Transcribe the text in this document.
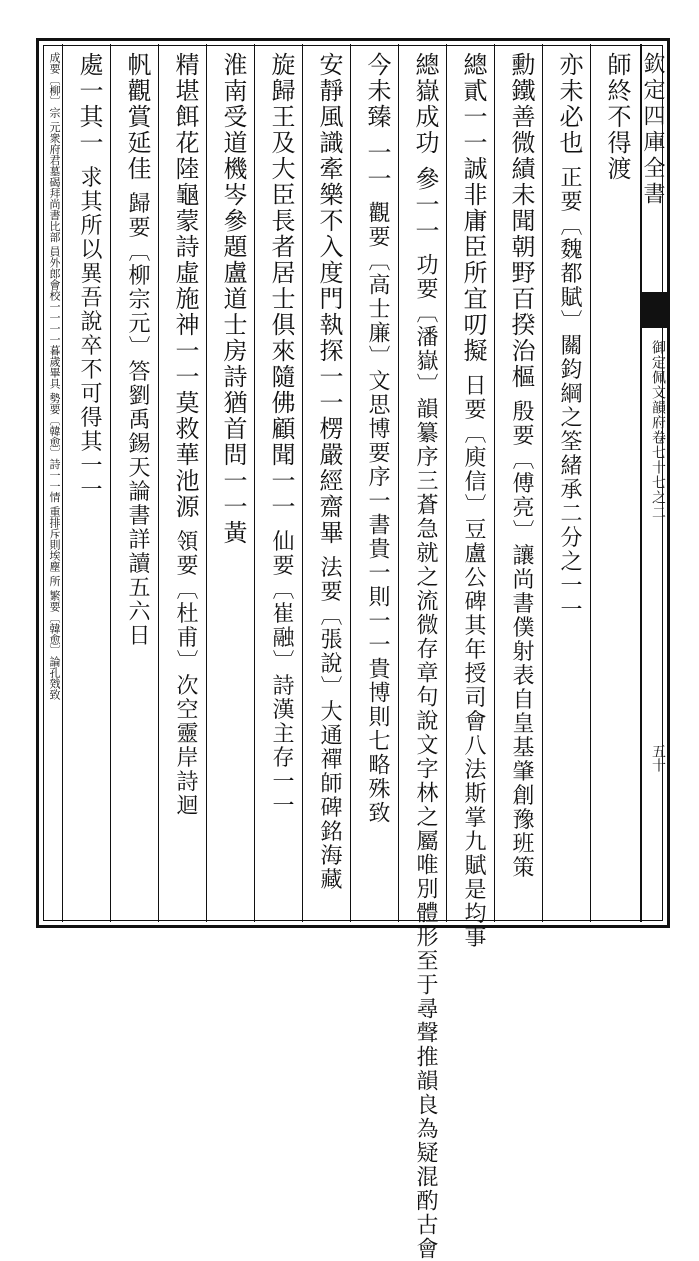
欽定四庫全書
御定佩文韻府卷七十七之二
五十
師終不得渡
亦未必也 正要〔魏都賦〕關鈞綱之筌緒承二分之一一
勳鐵善微績未聞朝野百揆治樞 殷要〔傅亮〕讓尚書僕射表自皇基肇創豫班策
總貳一一誠非庸臣所宜叨擬 日要〔庾信〕豆盧公碑其年授司會八法斯掌九賦是均事
總嶽成功 參一一 功要〔潘嶽〕韻纂序三蒼急就之流微存章句說文字林之屬唯別體形至于尋聲推韻良為疑混酌古會
今未臻 一一 觀要〔高士廉〕文思博要序一書貴一則一一貴博則七略殊致
安靜風識牽樂不入度門執探一一楞嚴經齋畢 法要〔張說〕大通禪師碑銘海藏
旋歸王及大臣長者居士俱來隨佛顧聞一一 仙要〔崔融〕詩漢主存一一
淮南受道機岑參題盧道士房詩猶首問一一黃
精堪餌花陸龜蒙詩虛施神一一莫救華池源 領要〔杜甫〕次空靈岸詩迴
帆觀賞延佳 歸要〔柳宗元〕答劉禹錫天論書詳讀五六日
處一其一 求其所以異吾說卒不可得其一一
成要〔柳〕宗 元衆府君墓碣拜尚書比部 員外郎會校一一一一暮歲畢具 勢要〔韓愈〕詩一一情 重排斥則埃塵 所 繁要〔韓愈〕論孔戣致
